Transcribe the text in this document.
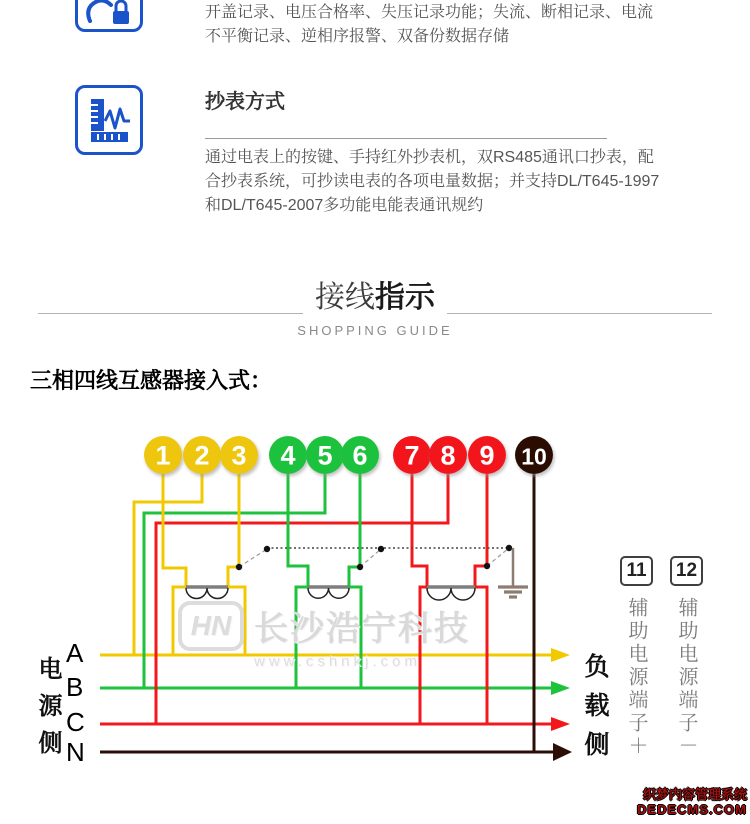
开盖记录、电压合格率、失压记录功能；失流、断相记录、电流不平衡记录、逆相序报警、双备份数据存储

抄表方式

通过电表上的按键、手持红外抄表机，双RS485通讯口抄表，配合抄表系统，可抄读电表的各项电量数据；并支持DL/T645-1997和DL/T645-2007多功能电能表通讯规约

接线指示
SHOPPING GUIDE
三相四线互感器接入式：
1 2 3 4 5 6 7 8 9 10
HN 长沙浩宁科技
www.cshnkj.com
电源侧
A
B
C
N	负载侧
11	12
辅助电源端子＋ 辅助电源端子－
织梦内容管理系统
DEDECMS.COM
